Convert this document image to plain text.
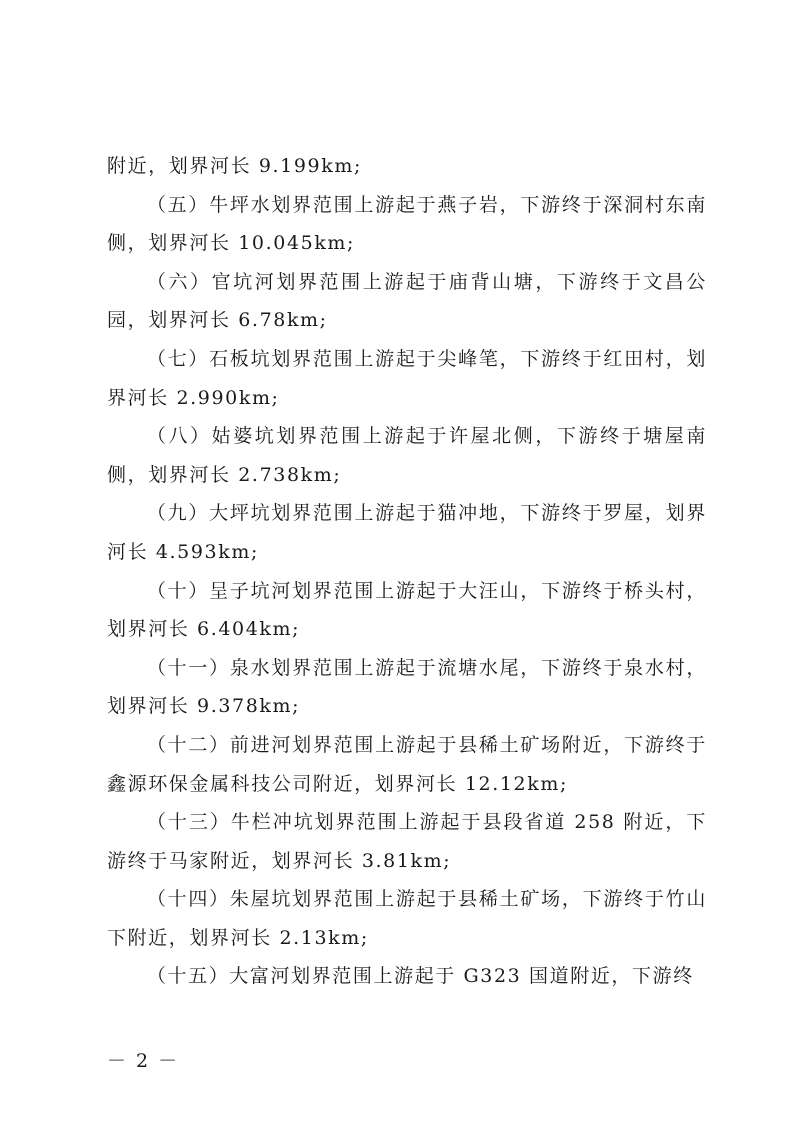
附近，划界河长 9.199km;

（五）牛坪水划界范围上游起于燕子岩，下游终于深洞村东南侧，划界河长 10.045km;

（六）官坑河划界范围上游起于庙背山塘，下游终于文昌公园，划界河长 6.78km;

（七）石板坑划界范围上游起于尖峰笔，下游终于红田村，划界河长 2.990km;

（八）姑婆坑划界范围上游起于许屋北侧，下游终于塘屋南侧，划界河长 2.738km;

（九）大坪坑划界范围上游起于猫冲地，下游终于罗屋，划界河长 4.593km;

（十）呈子坑河划界范围上游起于大汪山，下游终于桥头村，划界河长 6.404km;

（十一）泉水划界范围上游起于流塘水尾，下游终于泉水村，划界河长 9.378km;

（十二）前进河划界范围上游起于县稀土矿场附近，下游终于鑫源环保金属科技公司附近，划界河长 12.12km;

（十三）牛栏冲坑划界范围上游起于县段省道 258 附近，下游终于马家附近，划界河长 3.81km;

（十四）朱屋坑划界范围上游起于县稀土矿场，下游终于竹山下附近，划界河长 2.13km;

（十五）大富河划界范围上游起于 G323 国道附近，下游终

－ 2 －
